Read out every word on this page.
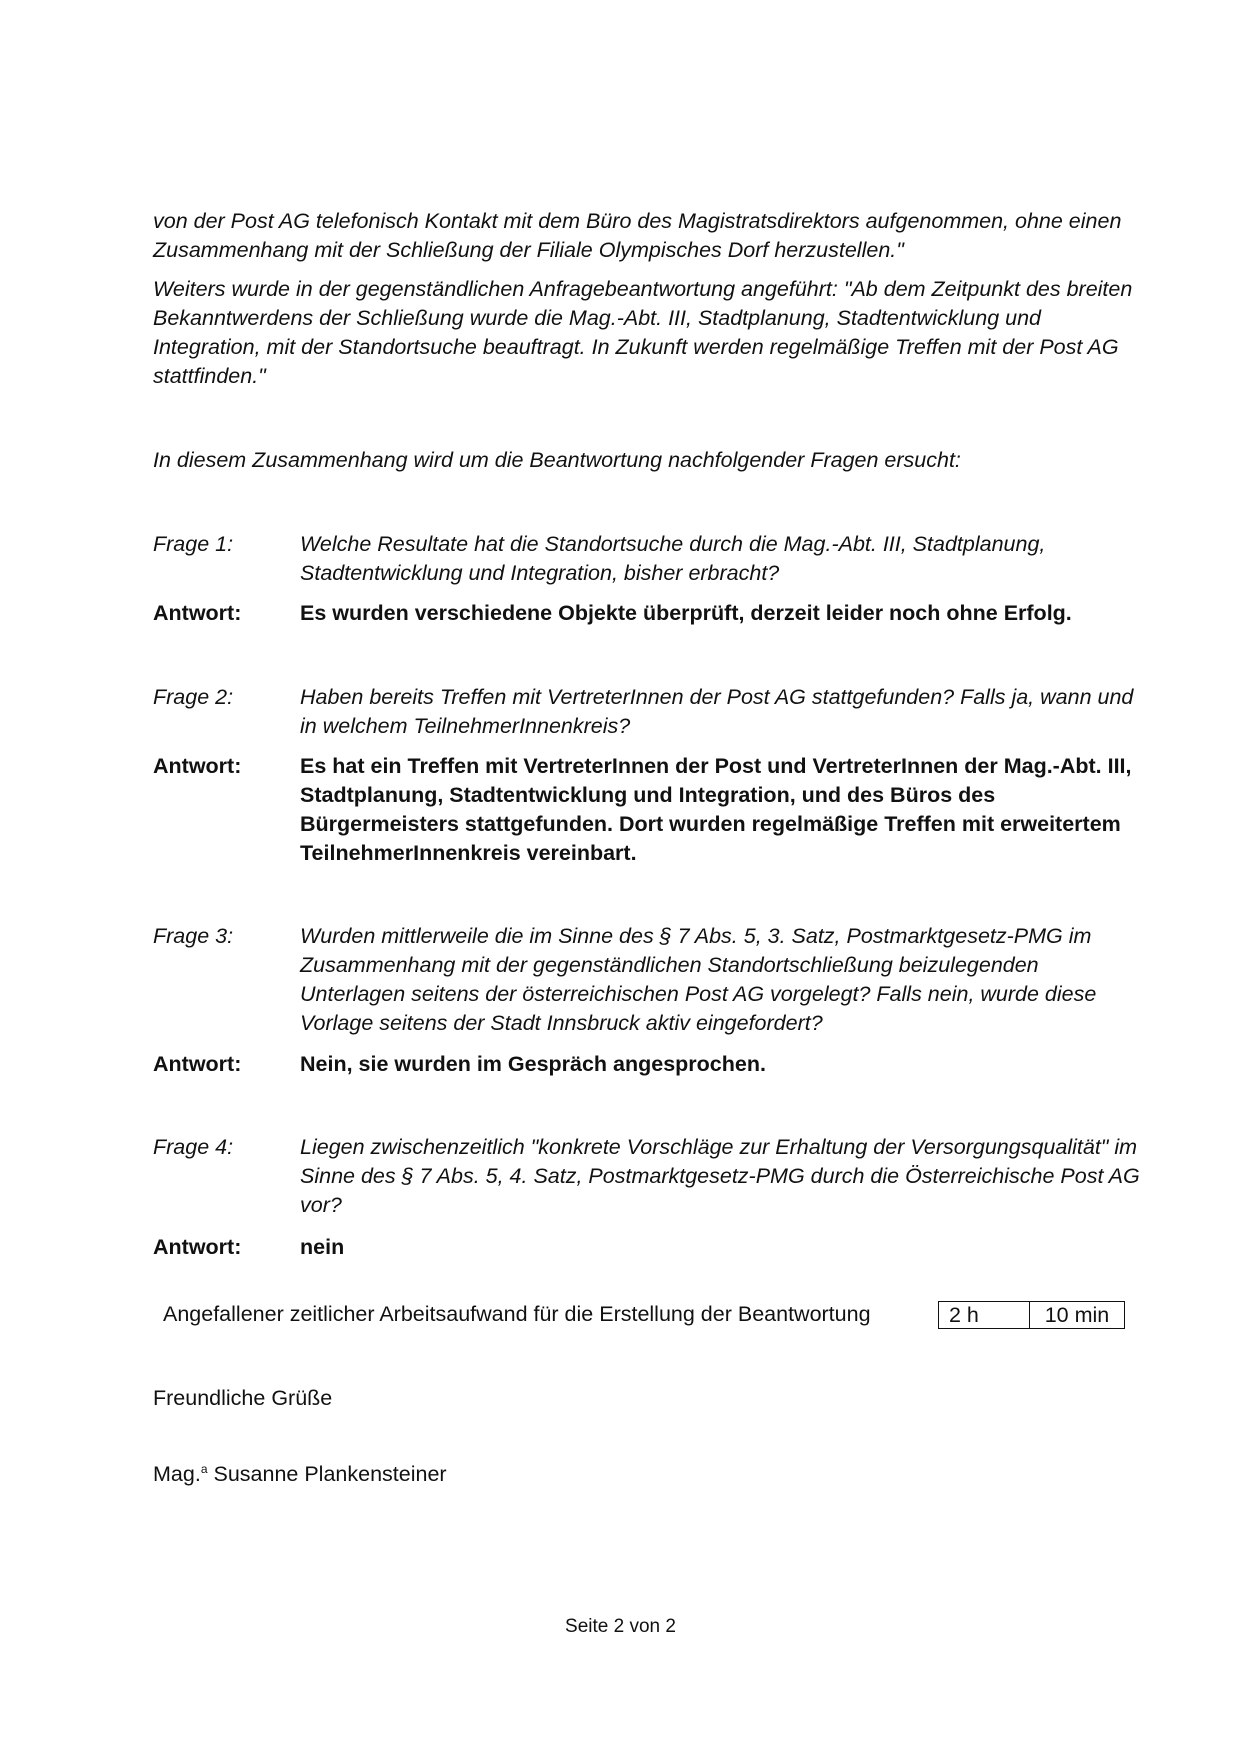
von der Post AG telefonisch Kontakt mit dem Büro des Magistratsdirektors aufgenommen, ohne einen Zusammenhang mit der Schließung der Filiale Olympisches Dorf herzustellen."

Weiters wurde in der gegenständlichen Anfragebeantwortung angeführt: "Ab dem Zeitpunkt des breiten Bekanntwerdens der Schließung wurde die Mag.-Abt. III, Stadtplanung, Stadtentwicklung und Integration, mit der Standortsuche beauftragt. In Zukunft werden regelmäßige Treffen mit der Post AG stattfinden."

In diesem Zusammenhang wird um die Beantwortung nachfolgender Fragen ersucht:

Frage 1:	Welche Resultate hat die Standortsuche durch die Mag.-Abt. III, Stadtplanung, Stadtentwicklung und Integration, bisher erbracht?

Antwort:	Es wurden verschiedene Objekte überprüft, derzeit leider noch ohne Erfolg.

Frage 2:	Haben bereits Treffen mit VertreterInnen der Post AG stattgefunden? Falls ja, wann und in welchem TeilnehmerInnenkreis?

Antwort:	Es hat ein Treffen mit VertreterInnen der Post und VertreterInnen der Mag.-Abt. III, Stadtplanung, Stadtentwicklung und Integration, und des Büros des Bürgermeisters stattgefunden. Dort wurden regelmäßige Treffen mit erweitertem TeilnehmerInnenkreis vereinbart.

Frage 3:	Wurden mittlerweile die im Sinne des § 7 Abs. 5, 3. Satz, Postmarktgesetz-PMG im Zusammenhang mit der gegenständlichen Standortschließung beizulegenden Unterlagen seitens der österreichischen Post AG vorgelegt? Falls nein, wurde diese Vorlage seitens der Stadt Innsbruck aktiv eingefordert?

Antwort:	Nein, sie wurden im Gespräch angesprochen.

Frage 4:	Liegen zwischenzeitlich "konkrete Vorschläge zur Erhaltung der Versorgungsqualität" im Sinne des § 7 Abs. 5, 4. Satz, Postmarktgesetz-PMG durch die Österreichische Post AG vor?

Antwort:	nein

Angefallener zeitlicher Arbeitsaufwand für die Erstellung der Beantwortung	2 h	10 min
Freundliche Grüße
Mag.$^a$ Susanne Plankensteiner
Seite 2 von 2
